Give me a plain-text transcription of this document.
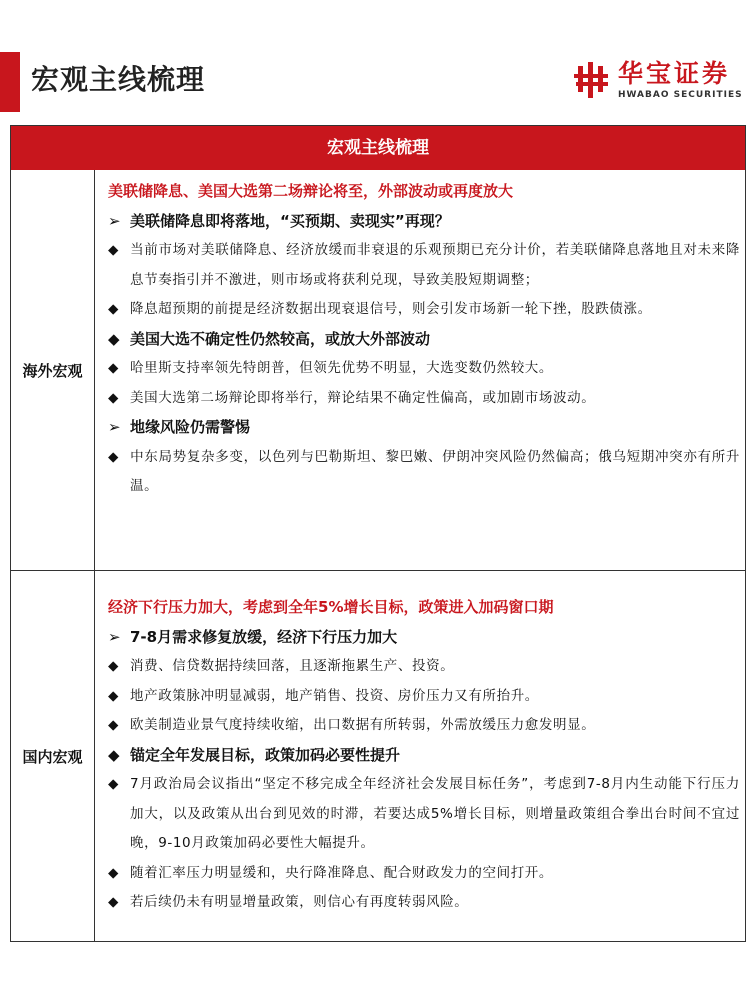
宏观主线梳理	华宝证券
HWABAO SECURITIES
宏观主线梳理
海外宏观

美联储降息、美国大选第二场辩论将至，外部波动或再度放大

➢ 美联储降息即将落地，“买预期、卖现实”再现？

◆ 当前市场对美联储降息、经济放缓而非衰退的乐观预期已充分计价，若美联储降息落地且对未来降息节奏指引并不激进，则市场或将获利兑现，导致美股短期调整；

◆ 降息超预期的前提是经济数据出现衰退信号，则会引发市场新一轮下挫，股跌债涨。

◆ 美国大选不确定性仍然较高，或放大外部波动

◆ 哈里斯支持率领先特朗普，但领先优势不明显，大选变数仍然较大。

◆ 美国大选第二场辩论即将举行，辩论结果不确定性偏高，或加剧市场波动。

➢ 地缘风险仍需警惕

◆ 中东局势复杂多变，以色列与巴勒斯坦、黎巴嫩、伊朗冲突风险仍然偏高；俄乌短期冲突亦有所升温。

国内宏观

经济下行压力加大，考虑到全年5%增长目标，政策进入加码窗口期

➢ 7-8月需求修复放缓，经济下行压力加大

◆ 消费、信贷数据持续回落，且逐渐拖累生产、投资。

◆ 地产政策脉冲明显减弱，地产销售、投资、房价压力又有所抬升。

◆ 欧美制造业景气度持续收缩，出口数据有所转弱，外需放缓压力愈发明显。

◆ 锚定全年发展目标，政策加码必要性提升

◆ 7月政治局会议指出“坚定不移完成全年经济社会发展目标任务”，考虑到7-8月内生动能下行压力加大，以及政策从出台到见效的时滞，若要达成5%增长目标，则增量政策组合拳出台时间不宜过晚，9-10月政策加码必要性大幅提升。

◆ 随着汇率压力明显缓和，央行降准降息、配合财政发力的空间打开。

◆ 若后续仍未有明显增量政策，则信心有再度转弱风险。
